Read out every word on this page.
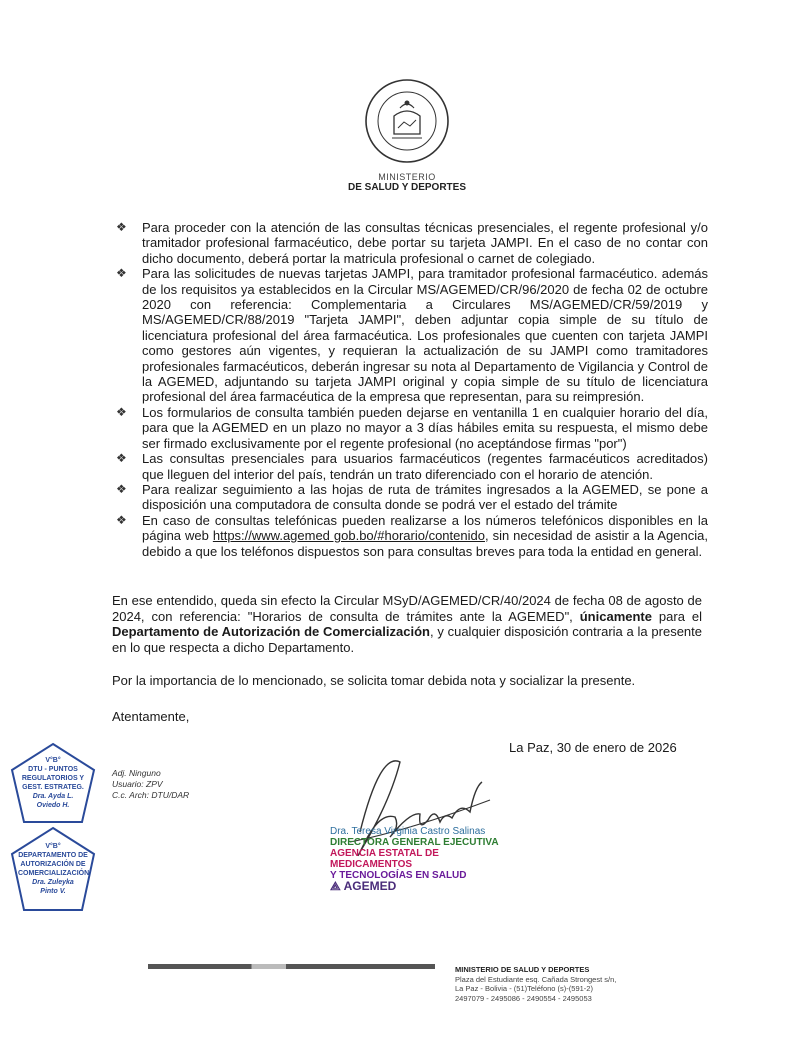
MINISTERIO
DE SALUD Y DEPORTES
❖ Para proceder con la atención de las consultas técnicas presenciales, el regente profesional y/o tramitador profesional farmacéutico, debe portar su tarjeta JAMPI. En el caso de no contar con dicho documento, deberá portar la matricula profesional o carnet de colegiado.
❖ Para las solicitudes de nuevas tarjetas JAMPI, para tramitador profesional farmacéutico. además de los requisitos ya establecidos en la Circular MS/AGEMED/CR/96/2020 de fecha 02 de octubre 2020 con referencia: Complementaria a Circulares MS/AGEMED/CR/59/2019 y MS/AGEMED/CR/88/2019 "Tarjeta JAMPI", deben adjuntar copia simple de su título de licenciatura profesional del área farmacéutica. Los profesionales que cuenten con tarjeta JAMPI como gestores aún vigentes, y requieran la actualización de su JAMPI como tramitadores profesionales farmacéuticos, deberán ingresar su nota al Departamento de Vigilancia y Control de la AGEMED, adjuntando su tarjeta JAMPI original y copia simple de su título de licenciatura profesional del área farmacéutica de la empresa que representan, para su reimpresión.
❖ Los formularios de consulta también pueden dejarse en ventanilla 1 en cualquier horario del día, para que la AGEMED en un plazo no mayor a 3 días hábiles emita su respuesta, el mismo debe ser firmado exclusivamente por el regente profesional (no aceptándose firmas "por")
❖ Las consultas presenciales para usuarios farmacéuticos (regentes farmacéuticos acreditados) que lleguen del interior del país, tendrán un trato diferenciado con el horario de atención.
❖ Para realizar seguimiento a las hojas de ruta de trámites ingresados a la AGEMED, se pone a disposición una computadora de consulta donde se podrá ver el estado del trámite
❖ En caso de consultas telefónicas pueden realizarse a los números telefónicos disponibles en la página web https://www.agemed gob.bo/#horario/contenido, sin necesidad de asistir a la Agencia, debido a que los teléfonos dispuestos son para consultas breves para toda la entidad en general.

En ese entendido, queda sin efecto la Circular MSyD/AGEMED/CR/40/2024 de fecha 08 de agosto de 2024, con referencia: "Horarios de consulta de trámites ante la AGEMED", únicamente para el Departamento de Autorización de Comercialización, y cualquier disposición contraria a la presente en lo que respecta a dicho Departamento.

Por la importancia de lo mencionado, se solicita tomar debida nota y socializar la presente.

Atentamente,

La Paz, 30 de enero de 2026
V°B°
DTU - PUNTOS
REGULATORIOS Y
GEST. ESTRATEG.
Dra. Ayda L.
Oviedo H.
V°B°
DEPARTAMENTO DE
AUTORIZACIÓN DE
COMERCIALIZACIÓN
Dra. Zuleyka
Pinto V.
Adj. Ninguno
Usuario: ZPV
C.c. Arch: DTU/DAR
Dra. Teresa Virginia Castro Salinas
DIRECTORA GENERAL EJECUTIVA
AGENCIA ESTATAL DE MEDICAMENTOS
Y TECNOLOGÍAS EN SALUD
⟁ AGEMED
MINISTERIO DE SALUD Y DEPORTES
Plaza del Estudiante esq. Cañada Strongest s/n,
La Paz - Bolivia - (51)Teléfono (s)-(591-2)
2497079 - 2495086 - 2490554 - 2495053
